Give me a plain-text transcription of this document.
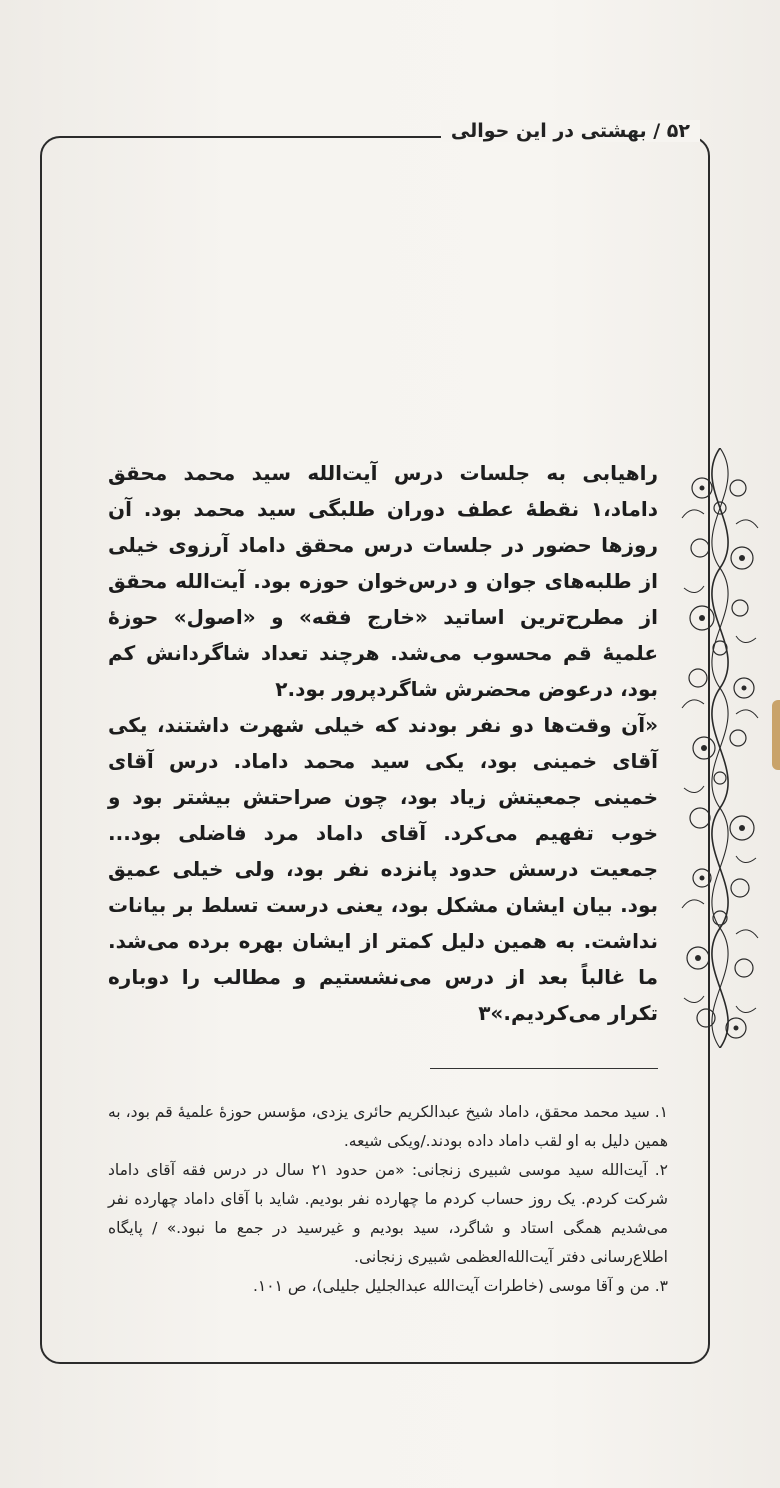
۵۲ / بهشتی در این حوالی

راهیابی به جلسات درس آیت‌الله سید محمد محقق داماد،۱ نقطهٔ عطف دوران طلبگی سید محمد بود. آن روزها حضور در جلسات درس محقق داماد آرزوی خیلی از طلبه‌های جوان و درس‌خوان حوزه بود. آیت‌الله محقق از مطرح‌ترین اساتید «خارج فقه» و «اصول» حوزهٔ علمیهٔ قم محسوب می‌شد. هرچند تعداد شاگردانش کم بود، درعوض محضرش شاگردپرور بود.۲

«آن وقت‌ها دو نفر بودند که خیلی شهرت داشتند، یکی آقای خمینی بود، یکی سید محمد داماد. درس آقای خمینی جمعیتش زیاد بود، چون صراحتش بیشتر بود و خوب تفهیم می‌کرد. آقای داماد مرد فاضلی بود... جمعیت درسش حدود پانزده نفر بود، ولی خیلی عمیق بود. بیان ایشان مشکل بود، یعنی درست تسلط بر بیانات نداشت. به همین دلیل کمتر از ایشان بهره برده می‌شد. ما غالباً بعد از درس می‌نشستیم و مطالب را دوباره تکرار می‌کردیم.»۳

۱. سید محمد محقق، داماد شیخ عبدالکریم حائری یزدی، مؤسس حوزهٔ علمیهٔ قم بود، به همین دلیل به او لقب داماد داده بودند./ویکی شیعه.

۲. آیت‌الله سید موسی شبیری زنجانی: «من حدود ۲۱ سال در درس فقه آقای داماد شرکت کردم. یک روز حساب کردم ما چهارده نفر بودیم. شاید با آقای داماد چهارده نفر می‌شدیم همگی استاد و شاگرد، سید بودیم و غیرسید در جمع ما نبود.» / پایگاه اطلاع‌رسانی دفتر آیت‌الله‌العظمی شبیری زنجانی.

۳. من و آقا موسی (خاطرات آیت‌الله عبدالجلیل جلیلی)، ص ۱۰۱.
